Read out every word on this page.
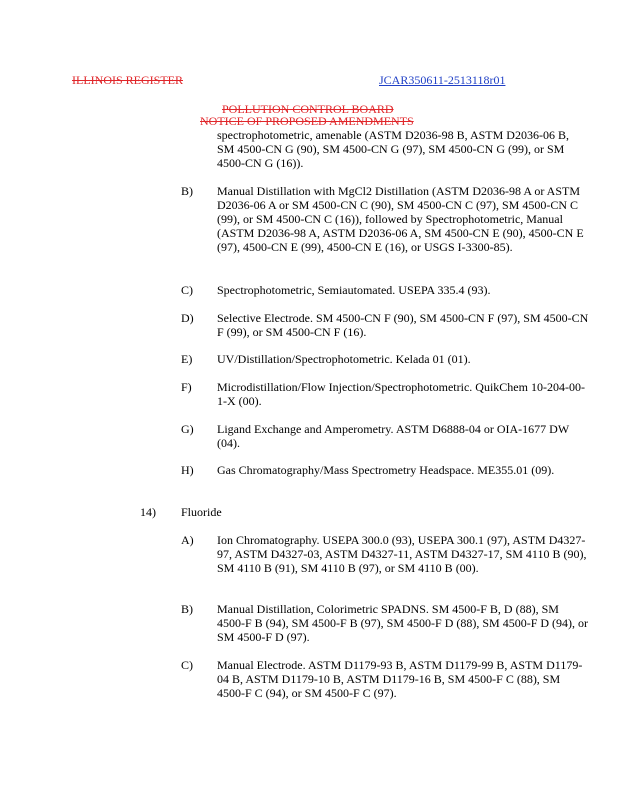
ILLINOIS REGISTER	JCAR350611-2513118r01
POLLUTION CONTROL BOARD
NOTICE OF PROPOSED AMENDMENTS
spectrophotometric, amenable (ASTM D2036-98 B, ASTM D2036-06 B, SM 4500-CN G (90), SM 4500-CN G (97), SM 4500-CN G (99), or SM 4500-CN G (16)).
B)	Manual Distillation with MgCl2 Distillation (ASTM D2036-98 A or ASTM D2036-06 A or SM 4500-CN C (90), SM 4500-CN C (97), SM 4500-CN C (99), or SM 4500-CN C (16)), followed by Spectrophotometric, Manual (ASTM D2036-98 A, ASTM D2036-06 A, SM 4500-CN E (90), 4500-CN E (97), 4500-CN E (99), 4500-CN E (16), or USGS I-3300-85).
C)	Spectrophotometric, Semiautomated. USEPA 335.4 (93).
D)	Selective Electrode. SM 4500-CN F (90), SM 4500-CN F (97), SM 4500-CN F (99), or SM 4500-CN F (16).
E)	UV/Distillation/Spectrophotometric. Kelada 01 (01).
F)	Microdistillation/Flow Injection/Spectrophotometric. QuikChem 10-204-00-1-X (00).
G)	Ligand Exchange and Amperometry. ASTM D6888-04 or OIA-1677 DW (04).
H)	Gas Chromatography/Mass Spectrometry Headspace. ME355.01 (09).
14) Fluoride
A)	Ion Chromatography. USEPA 300.0 (93), USEPA 300.1 (97), ASTM D4327-97, ASTM D4327-03, ASTM D4327-11, ASTM D4327-17, SM 4110 B (90), SM 4110 B (91), SM 4110 B (97), or SM 4110 B (00).
B)	Manual Distillation, Colorimetric SPADNS. SM 4500-F B, D (88), SM 4500-F B (94), SM 4500-F B (97), SM 4500-F D (88), SM 4500-F D (94), or SM 4500-F D (97).
C)	Manual Electrode. ASTM D1179-93 B, ASTM D1179-99 B, ASTM D1179-04 B, ASTM D1179-10 B, ASTM D1179-16 B, SM 4500-F C (88), SM 4500-F C (94), or SM 4500-F C (97).
